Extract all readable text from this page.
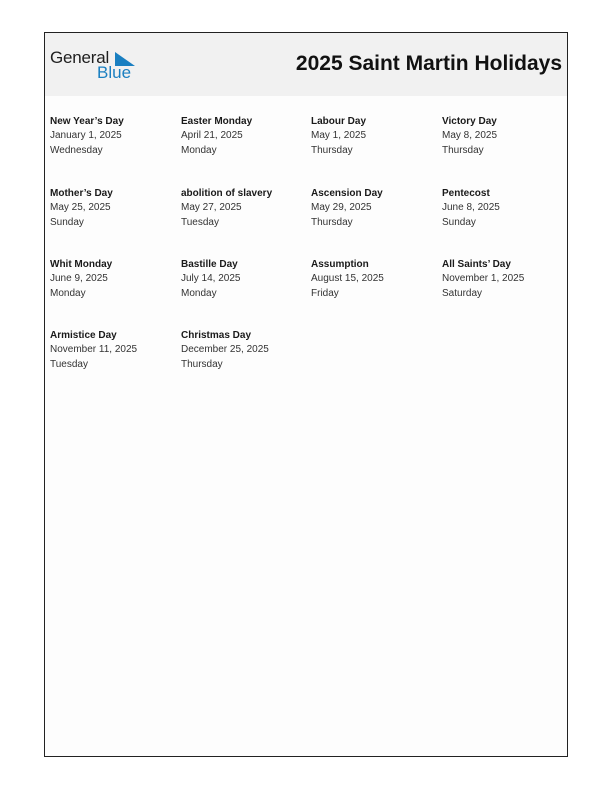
General
Blue	2025 Saint Martin Holidays
New Year’s Day
January 1, 2025
Wednesday
Easter Monday
April 21, 2025
Monday
Labour Day
May 1, 2025
Thursday
Victory Day
May 8, 2025
Thursday
Mother’s Day
May 25, 2025
Sunday
abolition of slavery
May 27, 2025
Tuesday
Ascension Day
May 29, 2025
Thursday
Pentecost
June 8, 2025
Sunday
Whit Monday
June 9, 2025
Monday
Bastille Day
July 14, 2025
Monday
Assumption
August 15, 2025
Friday
All Saints’ Day
November 1, 2025
Saturday
Armistice Day
November 11, 2025
Tuesday
Christmas Day
December 25, 2025
Thursday
